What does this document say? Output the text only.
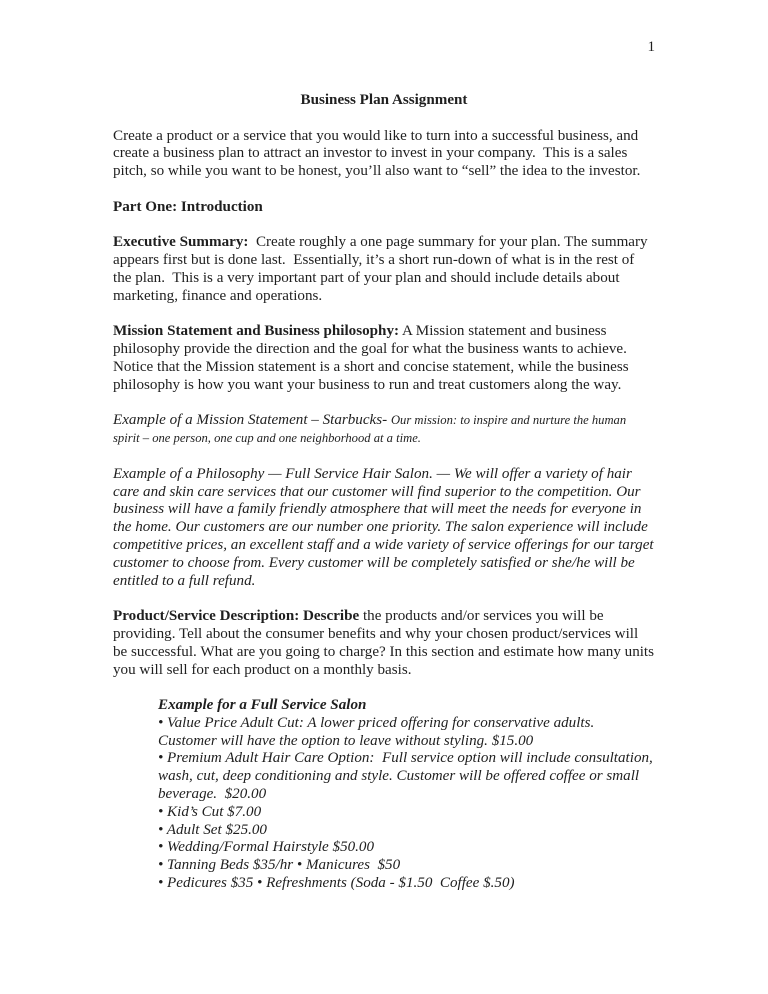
1

Business Plan Assignment

Create a product or a service that you would like to turn into a successful business, and create a business plan to attract an investor to invest in your company.  This is a sales pitch, so while you want to be honest, you’ll also want to “sell” the idea to the investor.

Part One: Introduction

Executive Summary:  Create roughly a one page summary for your plan. The summary appears first but is done last.  Essentially, it’s a short run-down of what is in the rest of the plan.  This is a very important part of your plan and should include details about marketing, finance and operations.

Mission Statement and Business philosophy: A Mission statement and business philosophy provide the direction and the goal for what the business wants to achieve. Notice that the Mission statement is a short and concise statement, while the business philosophy is how you want your business to run and treat customers along the way.

Example of a Mission Statement – Starbucks- Our mission: to inspire and nurture the human spirit – one person, one cup and one neighborhood at a time.

Example of a Philosophy — Full Service Hair Salon. — We will offer a variety of hair care and skin care services that our customer will find superior to the competition. Our business will have a family friendly atmosphere that will meet the needs for everyone in the home. Our customers are our number one priority. The salon experience will include competitive prices, an excellent staff and a wide variety of service offerings for our target customer to choose from. Every customer will be completely satisfied or she/he will be entitled to a full refund.

Product/Service Description: Describe the products and/or services you will be providing. Tell about the consumer benefits and why your chosen product/services will be successful. What are you going to charge? In this section and estimate how many units you will sell for each product on a monthly basis.

Example for a Full Service Salon

• Value Price Adult Cut: A lower priced offering for conservative adults. Customer will have the option to leave without styling. $15.00

• Premium Adult Hair Care Option:  Full service option will include consultation, wash, cut, deep conditioning and style. Customer will be offered coffee or small beverage.  $20.00

• Kid’s Cut $7.00

• Adult Set $25.00

• Wedding/Formal Hairstyle $50.00

• Tanning Beds $35/hr • Manicures  $50

• Pedicures $35 • Refreshments (Soda - $1.50  Coffee $.50)
